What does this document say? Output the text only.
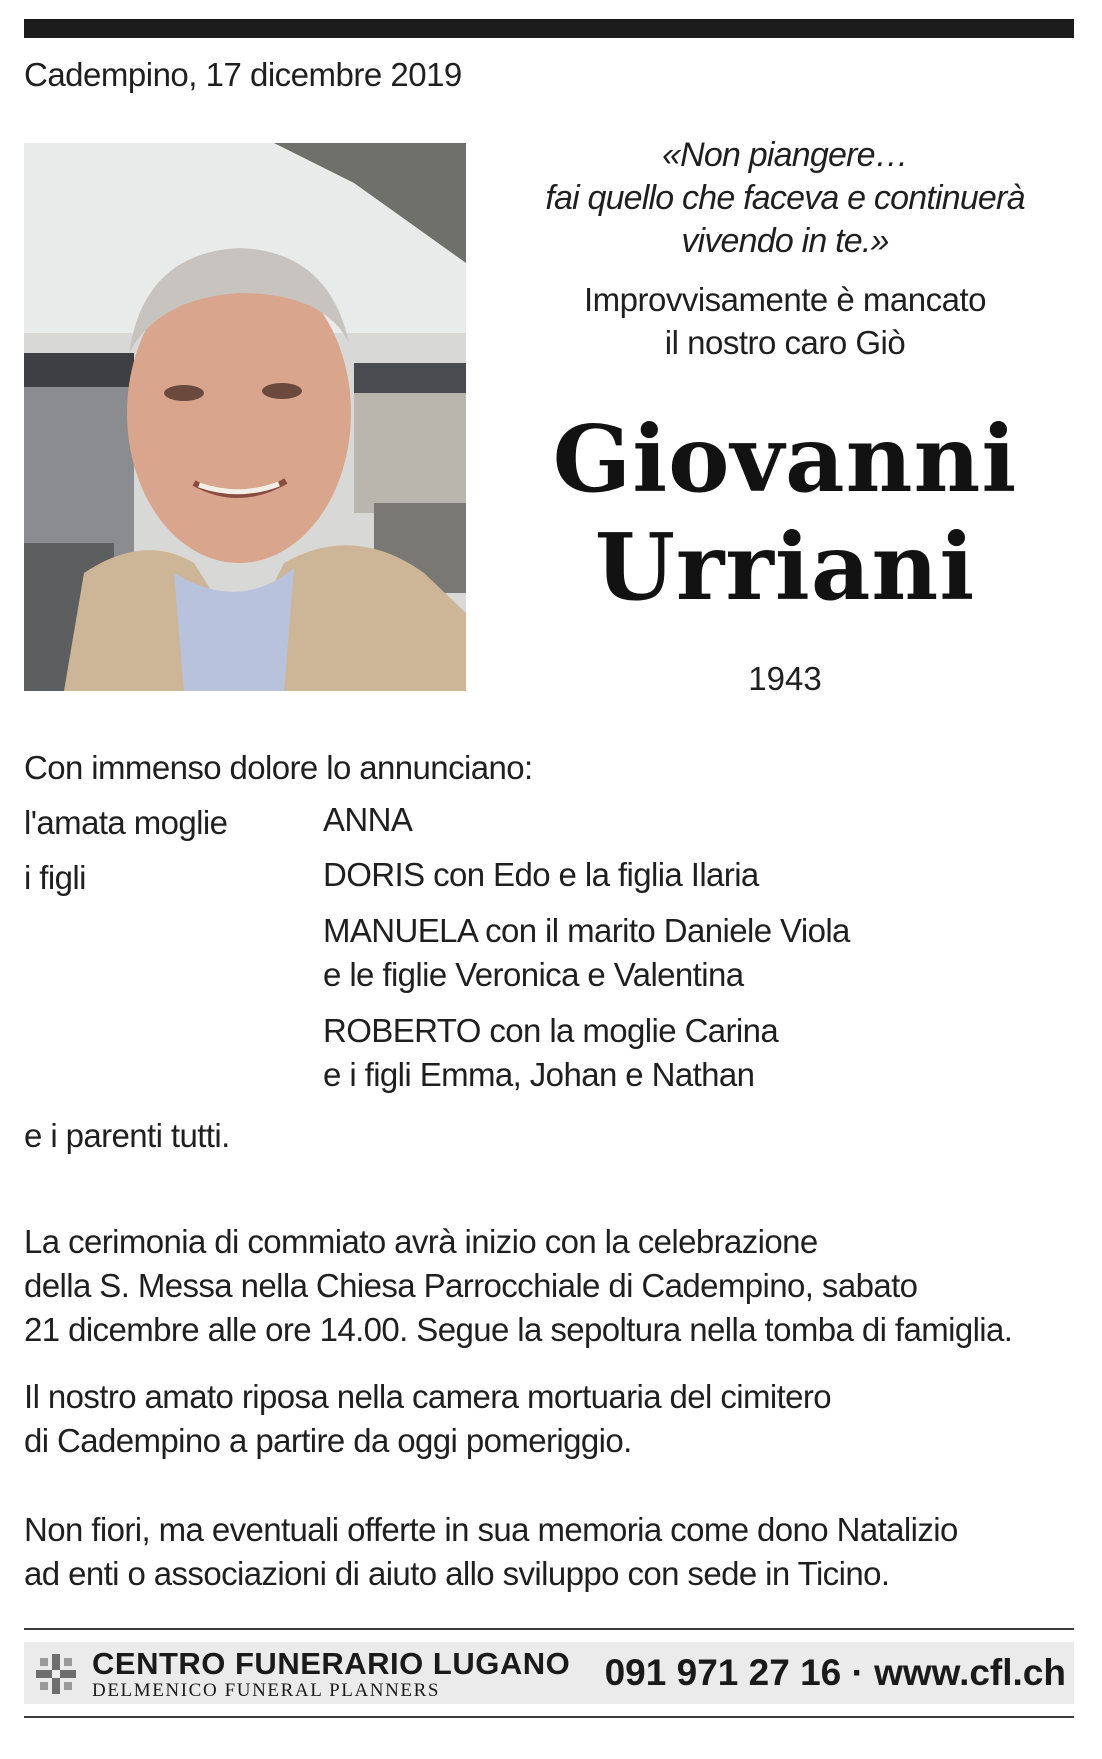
Cadempino, 17 dicembre 2019
«Non piangere…
fai quello che faceva e continuerà
vivendo in te.»
Improvvisamente è mancato
il nostro caro Giò
Giovanni
Urriani
1943
Con immenso dolore lo annunciano:
l'amata moglie	ANNA
i figli	DORIS con Edo e la figlia Ilaria
MANUELA con il marito Daniele Viola
e le figlie Veronica e Valentina
ROBERTO con la moglie Carina
e i figli Emma, Johan e Nathan
e i parenti tutti.
La cerimonia di commiato avrà inizio con la celebrazione
della S. Messa nella Chiesa Parrocchiale di Cadempino, sabato
21 dicembre alle ore 14.00. Segue la sepoltura nella tomba di famiglia.
Il nostro amato riposa nella camera mortuaria del cimitero
di Cadempino a partire da oggi pomeriggio.
Non fiori, ma eventuali offerte in sua memoria come dono Natalizio
ad enti o associazioni di aiuto allo sviluppo con sede in Ticino.
CENTRO FUNERARIO LUGANO
DELMENICO FUNERAL PLANNERS	091 971 27 16 · www.cfl.ch
